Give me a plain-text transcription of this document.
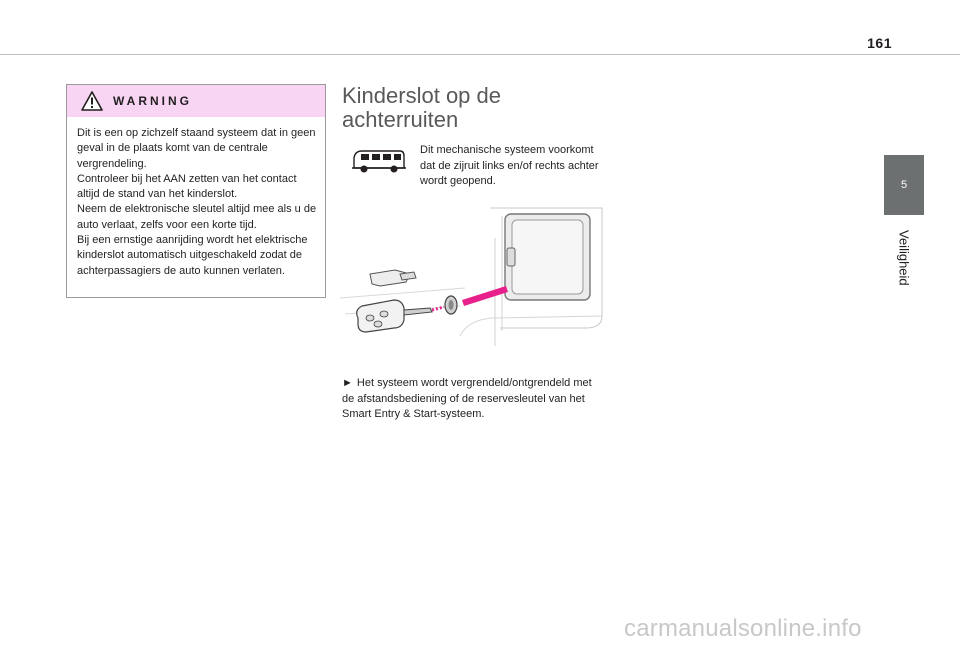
161
5
Veiligheid
WARNING

Dit is een op zichzelf staand systeem dat in geen geval in de plaats komt van de centrale vergrendeling.

Controleer bij het AAN zetten van het contact altijd de stand van het kinderslot.

Neem de elektronische sleutel altijd mee als u de auto verlaat, zelfs voor een korte tijd.

Bij een ernstige aanrijding wordt het elektrische kinderslot automatisch uitgeschakeld zodat de achterpassagiers de auto kunnen verlaten.

Kinderslot op de achterruiten

Dit mechanische systeem voorkomt dat de zijruit links en/of rechts achter wordt geopend.

► Het systeem wordt vergrendeld/ontgrendeld met de afstandsbediening of de reservesleutel van het Smart Entry & Start-systeem.

carmanualsonline.info
